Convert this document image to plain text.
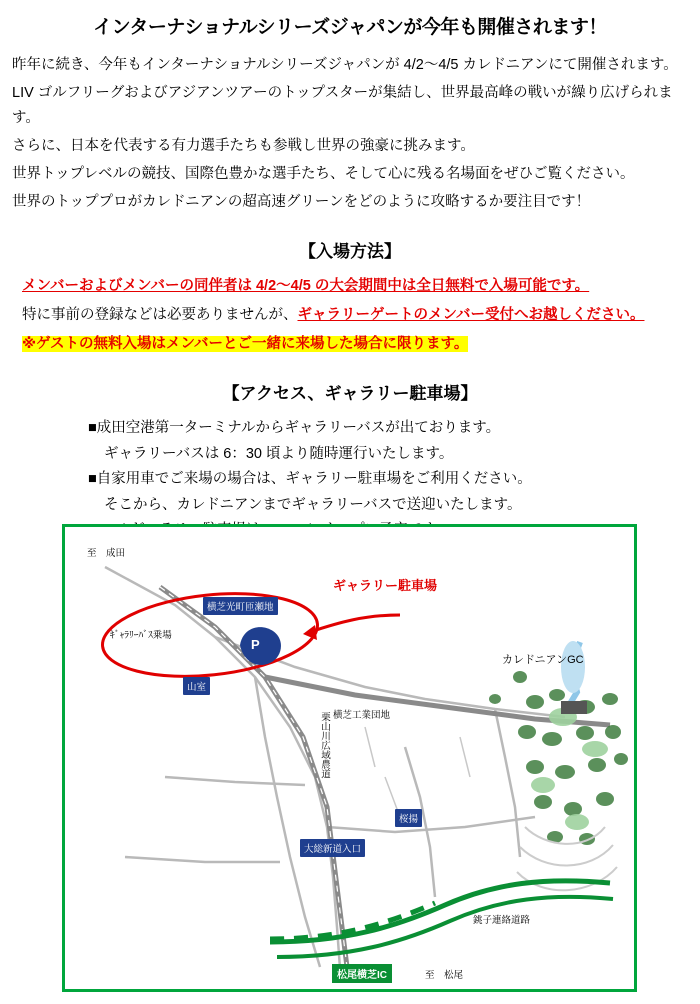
インターナショナルシリーズジャパンが今年も開催されます！

昨年に続き、今年もインターナショナルシリーズジャパンが 4/2～4/5 カレドニアンにて開催されます。

LIV ゴルフリーグおよびアジアンツアーのトップスターが集結し、世界最高峰の戦いが繰り広げられます。

さらに、日本を代表する有力選手たちも参戦し世界の強豪に挑みます。

世界トップレベルの競技、国際色豊かな選手たち、そして心に残る名場面をぜひご覧ください。

世界のトッププロがカレドニアンの超高速グリーンをどのように攻略するか要注目です！

【入場方法】
メンバーおよびメンバーの同伴者は 4/2～4/5 の大会期間中は全日無料で入場可能です。
特に事前の登録などは必要ありませんが、ギャラリーゲートのメンバー受付へお越しください。
※ゲストの無料入場はメンバーとご一緒に来場した場合に限ります。
【アクセス、ギャラリー駐車場】
■成田空港第一ターミナルからギャラリーバスが出ております。
ギャラリーバスは 6：30 頃より随時運行いたします。
■自家用車でご来場の場合は、ギャラリー駐車場をご利用ください。
そこから、カレドニアンまでギャラリーバスで送迎いたします。
至　成田
横芝光町匝瀬地
ｷﾞｬﾗﾘｰﾊﾞｽ乗場
P
山室
横芝工業団地
カレドニアンGC
桜揚
大総新道入口
銚子連絡道路
松尾横芝IC	至　松尾
栗山川広域農道
ギャラリー駐車場
